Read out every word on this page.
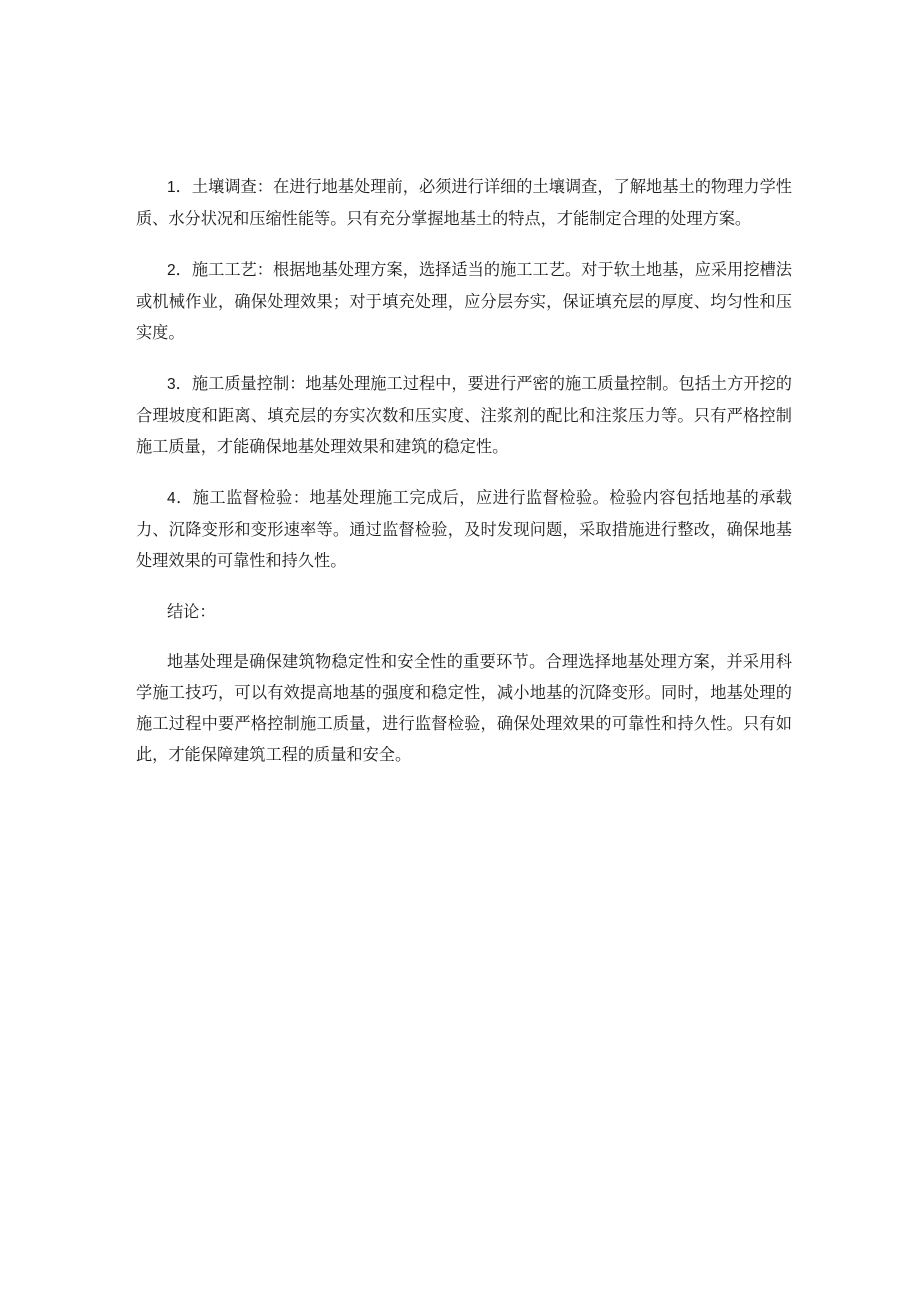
1．土壤调查：在进行地基处理前，必须进行详细的土壤调查，了解地基土的物理力学性质、水分状况和压缩性能等。只有充分掌握地基土的特点，才能制定合理的处理方案。

2．施工工艺：根据地基处理方案，选择适当的施工工艺。对于软土地基，应采用挖槽法或机械作业，确保处理效果；对于填充处理，应分层夯实，保证填充层的厚度、均匀性和压实度。

3．施工质量控制：地基处理施工过程中，要进行严密的施工质量控制。包括土方开挖的合理坡度和距离、填充层的夯实次数和压实度、注浆剂的配比和注浆压力等。只有严格控制施工质量，才能确保地基处理效果和建筑的稳定性。

4．施工监督检验：地基处理施工完成后，应进行监督检验。检验内容包括地基的承载力、沉降变形和变形速率等。通过监督检验，及时发现问题，采取措施进行整改，确保地基处理效果的可靠性和持久性。

结论：

地基处理是确保建筑物稳定性和安全性的重要环节。合理选择地基处理方案，并采用科学施工技巧，可以有效提高地基的强度和稳定性，减小地基的沉降变形。同时，地基处理的施工过程中要严格控制施工质量，进行监督检验，确保处理效果的可靠性和持久性。只有如此，才能保障建筑工程的质量和安全。
